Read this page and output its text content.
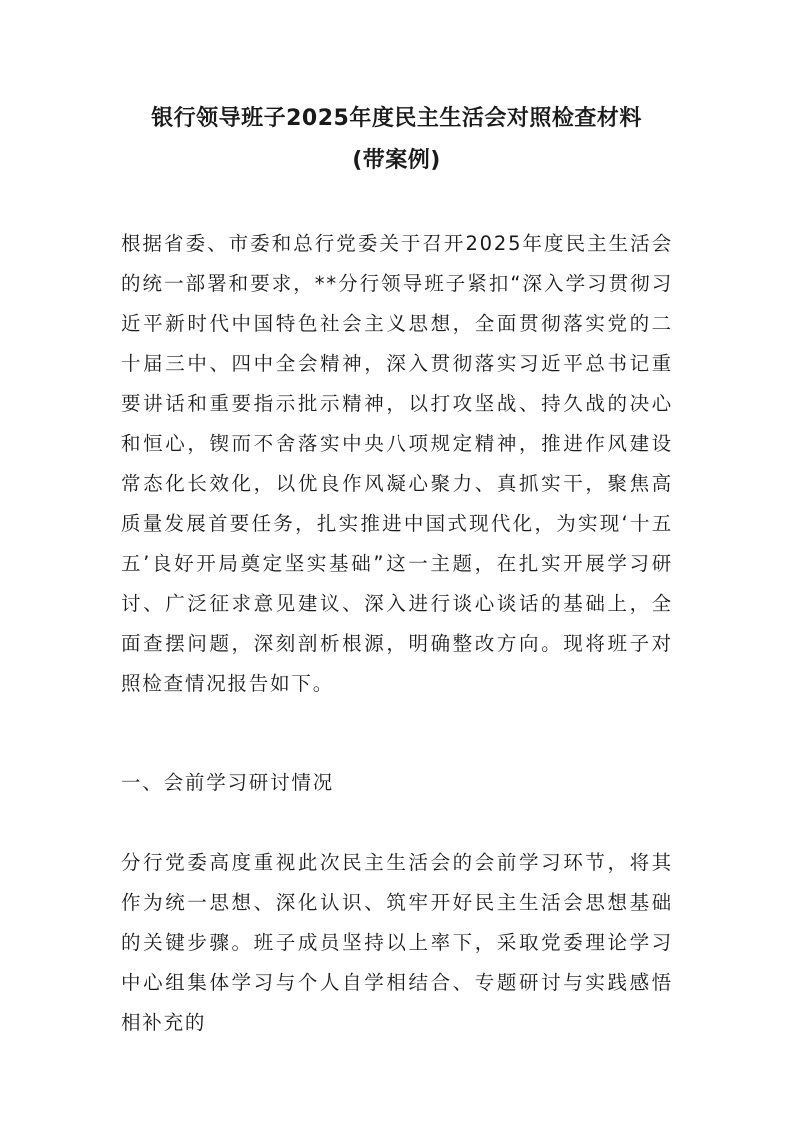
银行领导班子2025年度民主生活会对照检查材料
(带案例)
根据省委、市委和总行党委关于召开2025年度民主生活会的统一部署和要求，**分行领导班子紧扣“深入学习贯彻习近平新时代中国特色社会主义思想，全面贯彻落实党的二十届三中、四中全会精神，深入贯彻落实习近平总书记重要讲话和重要指示批示精神，以打攻坚战、持久战的决心和恒心，锲而不舍落实中央八项规定精神，推进作风建设常态化长效化，以优良作风凝心聚力、真抓实干，聚焦高质量发展首要任务，扎实推进中国式现代化，为实现‘十五五’良好开局奠定坚实基础”这一主题，在扎实开展学习研讨、广泛征求意见建议、深入进行谈心谈话的基础上，全面查摆问题，深刻剖析根源，明确整改方向。现将班子对照检查情况报告如下。
一、会前学习研讨情况
分行党委高度重视此次民主生活会的会前学习环节，将其作为统一思想、深化认识、筑牢开好民主生活会思想基础的关键步骤。班子成员坚持以上率下，采取党委理论学习中心组集体学习与个人自学相结合、专题研讨与实践感悟相补充的
